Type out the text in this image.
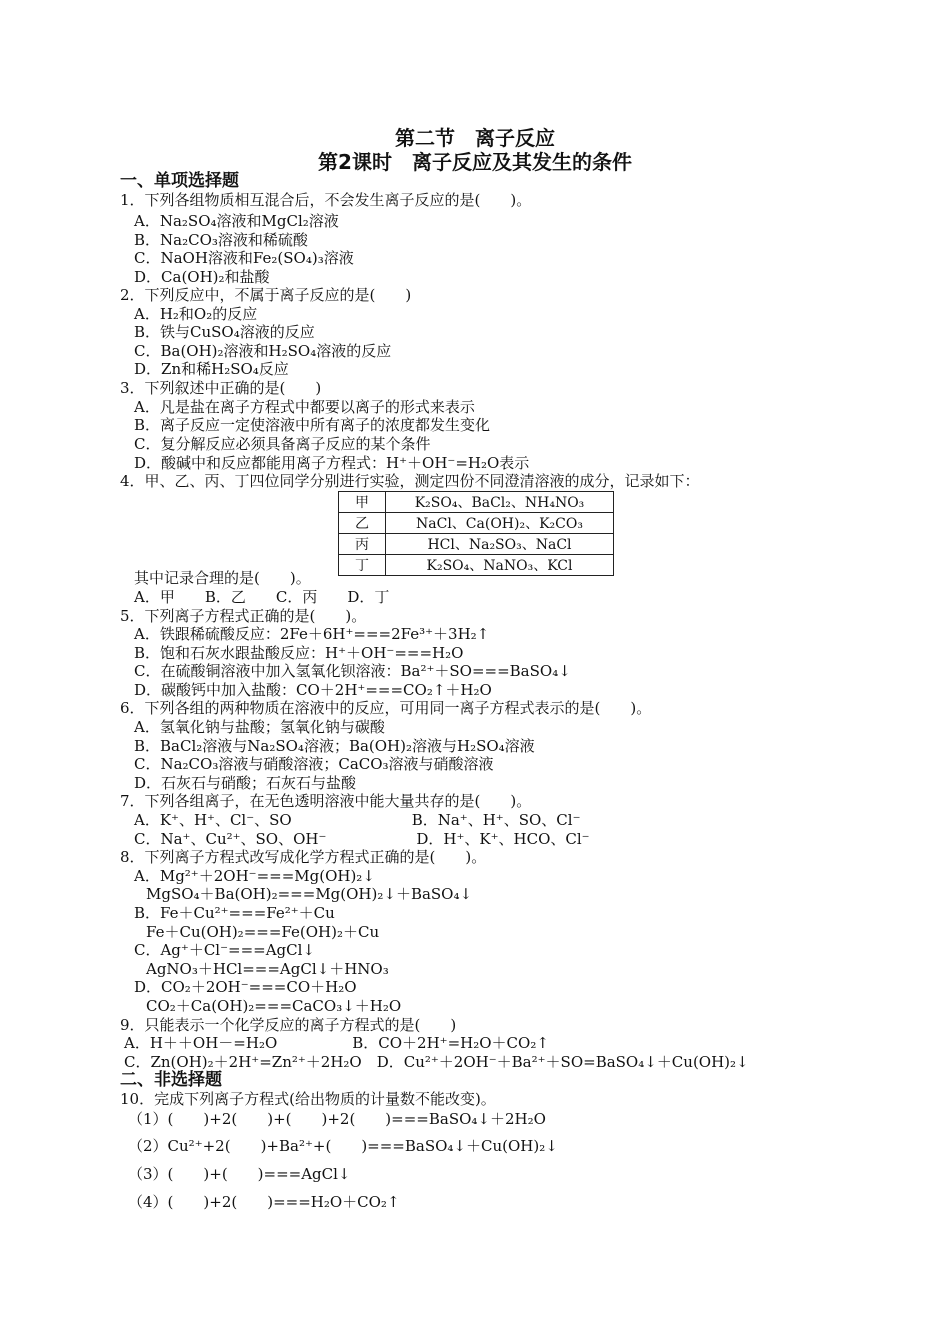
第二节　离子反应
第2课时　离子反应及其发生的条件
一、单项选择题
1．下列各组物质相互混合后，不会发生离子反应的是(　　)。
A．Na₂SO₄溶液和MgCl₂溶液
B．Na₂CO₃溶液和稀硫酸
C．NaOH溶液和Fe₂(SO₄)₃溶液
D．Ca(OH)₂和盐酸
2．下列反应中，不属于离子反应的是(　　)
A．H₂和O₂的反应
B．铁与CuSO₄溶液的反应
C．Ba(OH)₂溶液和H₂SO₄溶液的反应
D．Zn和稀H₂SO₄反应
3．下列叙述中正确的是(　　)
A．凡是盐在离子方程式中都要以离子的形式来表示
B．离子反应一定使溶液中所有离子的浓度都发生变化
C．复分解反应必须具备离子反应的某个条件
D．酸碱中和反应都能用离子方程式：H⁺＋OH⁻=H₂O表示
4．甲、乙、丙、丁四位同学分别进行实验，测定四份不同澄清溶液的成分，记录如下：
甲	K₂SO₄、BaCl₂、NH₄NO₃
乙	NaCl、Ca(OH)₂、K₂CO₃
丙	HCl、Na₂SO₃、NaCl
丁	K₂SO₄、NaNO₃、KCl
其中记录合理的是(　　)。
A．甲　　B．乙　　C．丙　　D．丁
5．下列离子方程式正确的是(　　)。
A．铁跟稀硫酸反应：2Fe＋6H⁺===2Fe³⁺＋3H₂↑
B．饱和石灰水跟盐酸反应：H⁺＋OH⁻===H₂O
C．在硫酸铜溶液中加入氢氧化钡溶液：Ba²⁺＋SO===BaSO₄↓
D．碳酸钙中加入盐酸：CO＋2H⁺===CO₂↑＋H₂O
6．下列各组的两种物质在溶液中的反应，可用同一离子方程式表示的是(　　)。
A．氢氧化钠与盐酸；氢氧化钠与碳酸
B．BaCl₂溶液与Na₂SO₄溶液；Ba(OH)₂溶液与H₂SO₄溶液
C．Na₂CO₃溶液与硝酸溶液；CaCO₃溶液与硝酸溶液
D．石灰石与硝酸；石灰石与盐酸
7．下列各组离子，在无色透明溶液中能大量共存的是(　　)。
A．K⁺、H⁺、Cl⁻、SO　　　　　　　　B．Na⁺、H⁺、SO、Cl⁻
C．Na⁺、Cu²⁺、SO、OH⁻　　　　　　D．H⁺、K⁺、HCO、Cl⁻
8．下列离子方程式改写成化学方程式正确的是(　　)。
A．Mg²⁺＋2OH⁻===Mg(OH)₂↓
MgSO₄＋Ba(OH)₂===Mg(OH)₂↓＋BaSO₄↓
B．Fe＋Cu²⁺===Fe²⁺＋Cu
Fe＋Cu(OH)₂===Fe(OH)₂＋Cu
C．Ag⁺＋Cl⁻===AgCl↓
AgNO₃＋HCl===AgCl↓＋HNO₃
D．CO₂＋2OH⁻===CO＋H₂O
CO₂＋Ca(OH)₂===CaCO₃↓＋H₂O
9．只能表示一个化学反应的离子方程式的是(　　)
A．H＋＋OH－=H₂O　　　　　B．CO＋2H⁺=H₂O＋CO₂↑
C．Zn(OH)₂＋2H⁺=Zn²⁺＋2H₂O　D．Cu²⁺＋2OH⁻＋Ba²⁺＋SO=BaSO₄↓＋Cu(OH)₂↓
二、非选择题
10．完成下列离子方程式(给出物质的计量数不能改变)。
（1）(　　)+2(　　)+(　　)+2(　　)===BaSO₄↓＋2H₂O
（2）Cu²⁺+2(　　)+Ba²⁺+(　　)===BaSO₄↓＋Cu(OH)₂↓
（3）(　　)+(　　)===AgCl↓
（4）(　　)+2(　　)===H₂O＋CO₂↑
